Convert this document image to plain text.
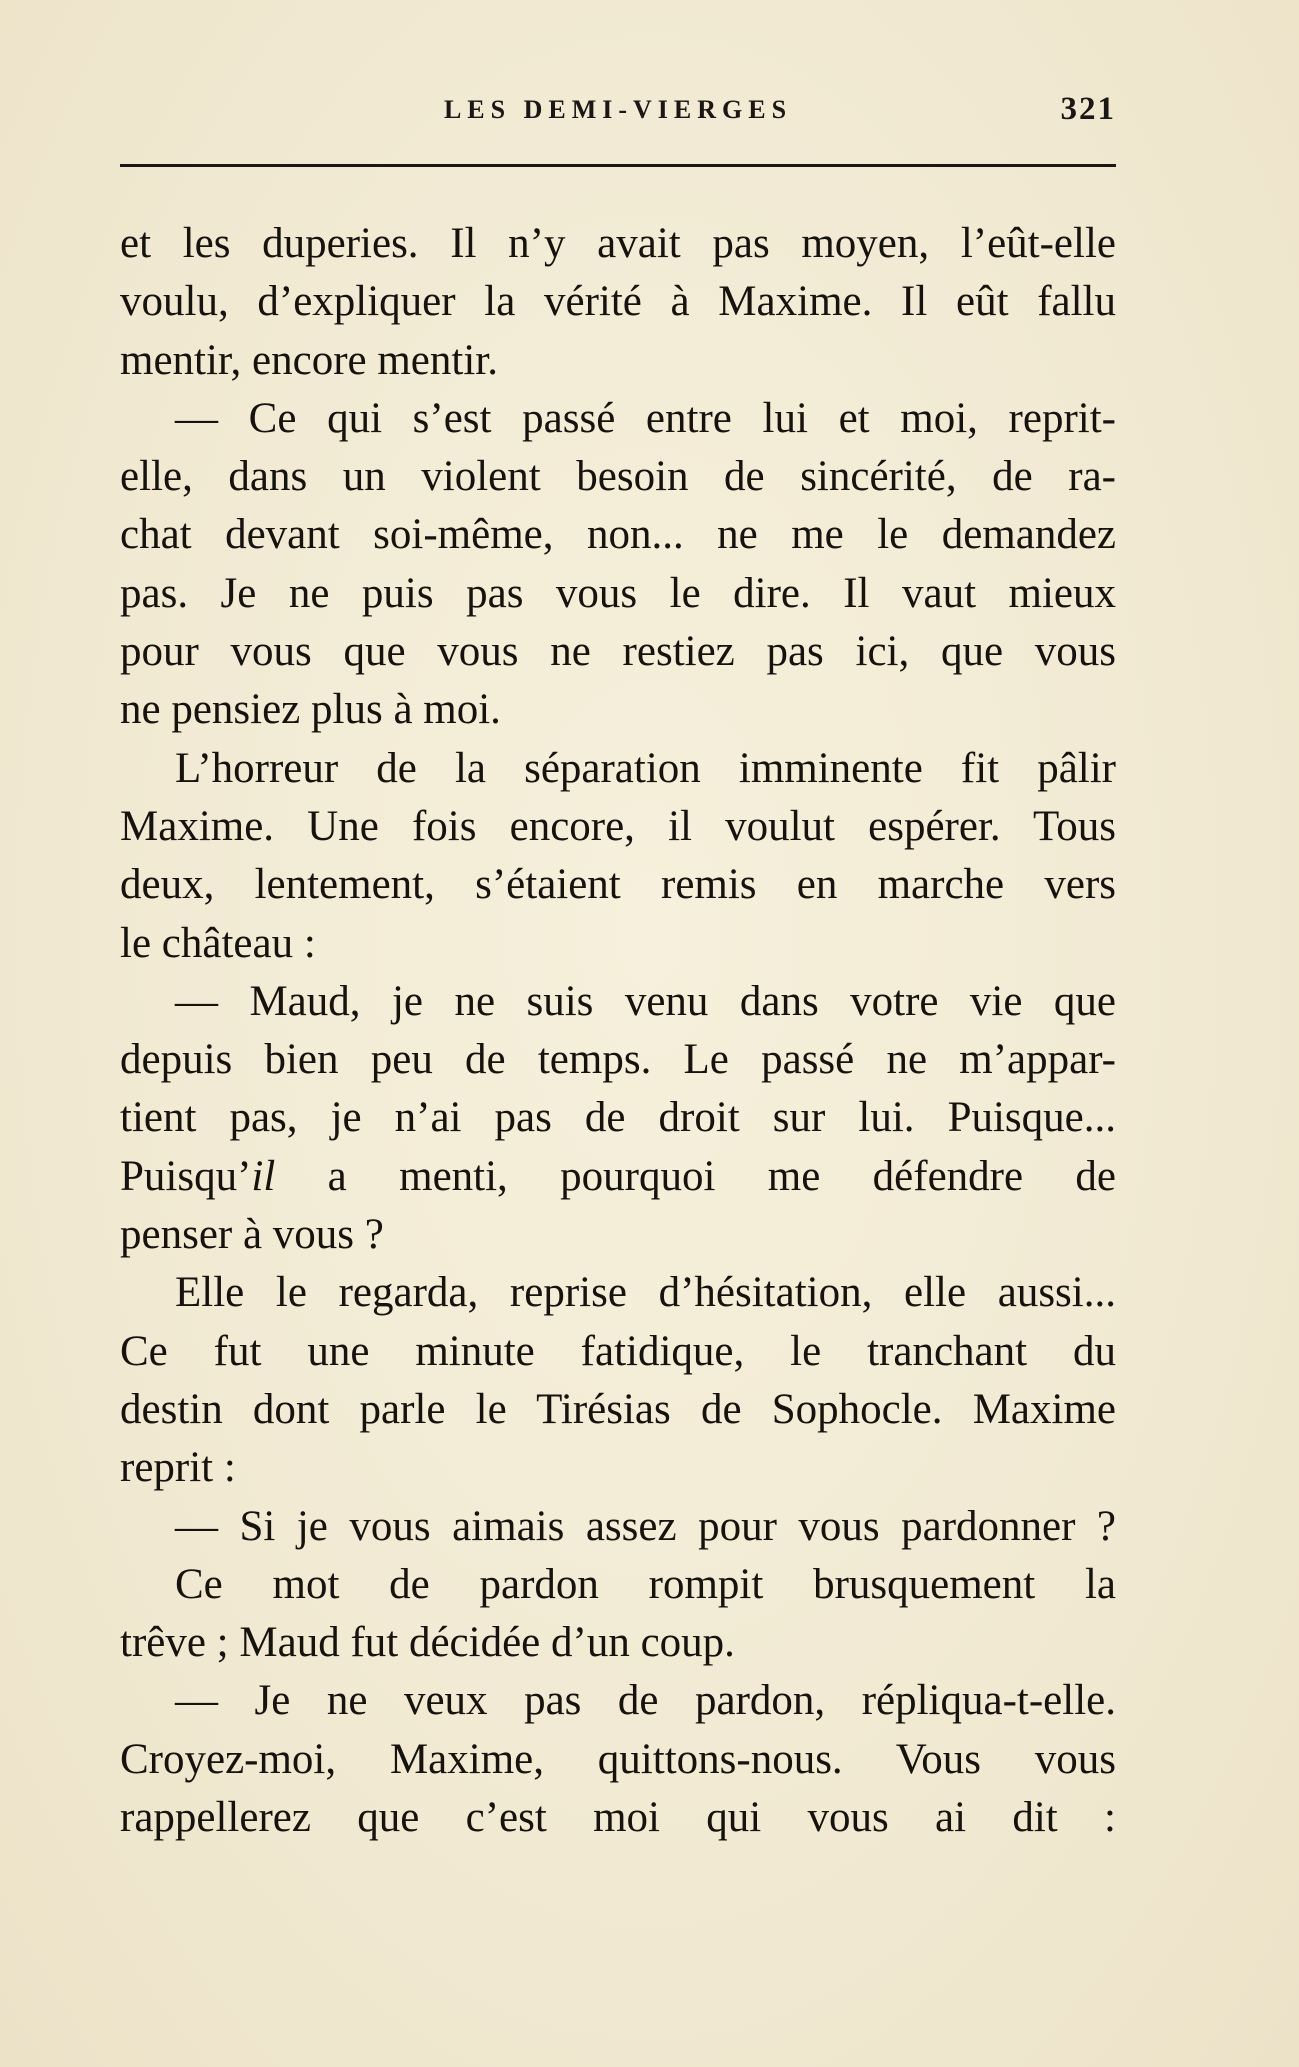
LES DEMI-VIERGES	321
et les duperies. Il n’y avait pas moyen, l’eût-elle
voulu, d’expliquer la vérité à Maxime. Il eût fallu
mentir, encore mentir.
— Ce qui s’est passé entre lui et moi, reprit-
elle, dans un violent besoin de sincérité, de ra-
chat devant soi-même, non... ne me le demandez
pas. Je ne puis pas vous le dire. Il vaut mieux
pour vous que vous ne restiez pas ici, que vous
ne pensiez plus à moi.
L’horreur de la séparation imminente fit pâlir
Maxime. Une fois encore, il voulut espérer. Tous
deux, lentement, s’étaient remis en marche vers
le château :
— Maud, je ne suis venu dans votre vie que
depuis bien peu de temps. Le passé ne m’appar-
tient pas, je n’ai pas de droit sur lui. Puisque...
Puisqu’il a menti, pourquoi me défendre de
penser à vous ?
Elle le regarda, reprise d’hésitation, elle aussi...
Ce fut une minute fatidique, le tranchant du
destin dont parle le Tirésias de Sophocle. Maxime
reprit :
— Si je vous aimais assez pour vous pardonner ?
Ce mot de pardon rompit brusquement la
trêve ; Maud fut décidée d’un coup.
— Je ne veux pas de pardon, répliqua-t-elle.
Croyez-moi, Maxime, quittons-nous. Vous vous
rappellerez que c’est moi qui vous ai dit :
